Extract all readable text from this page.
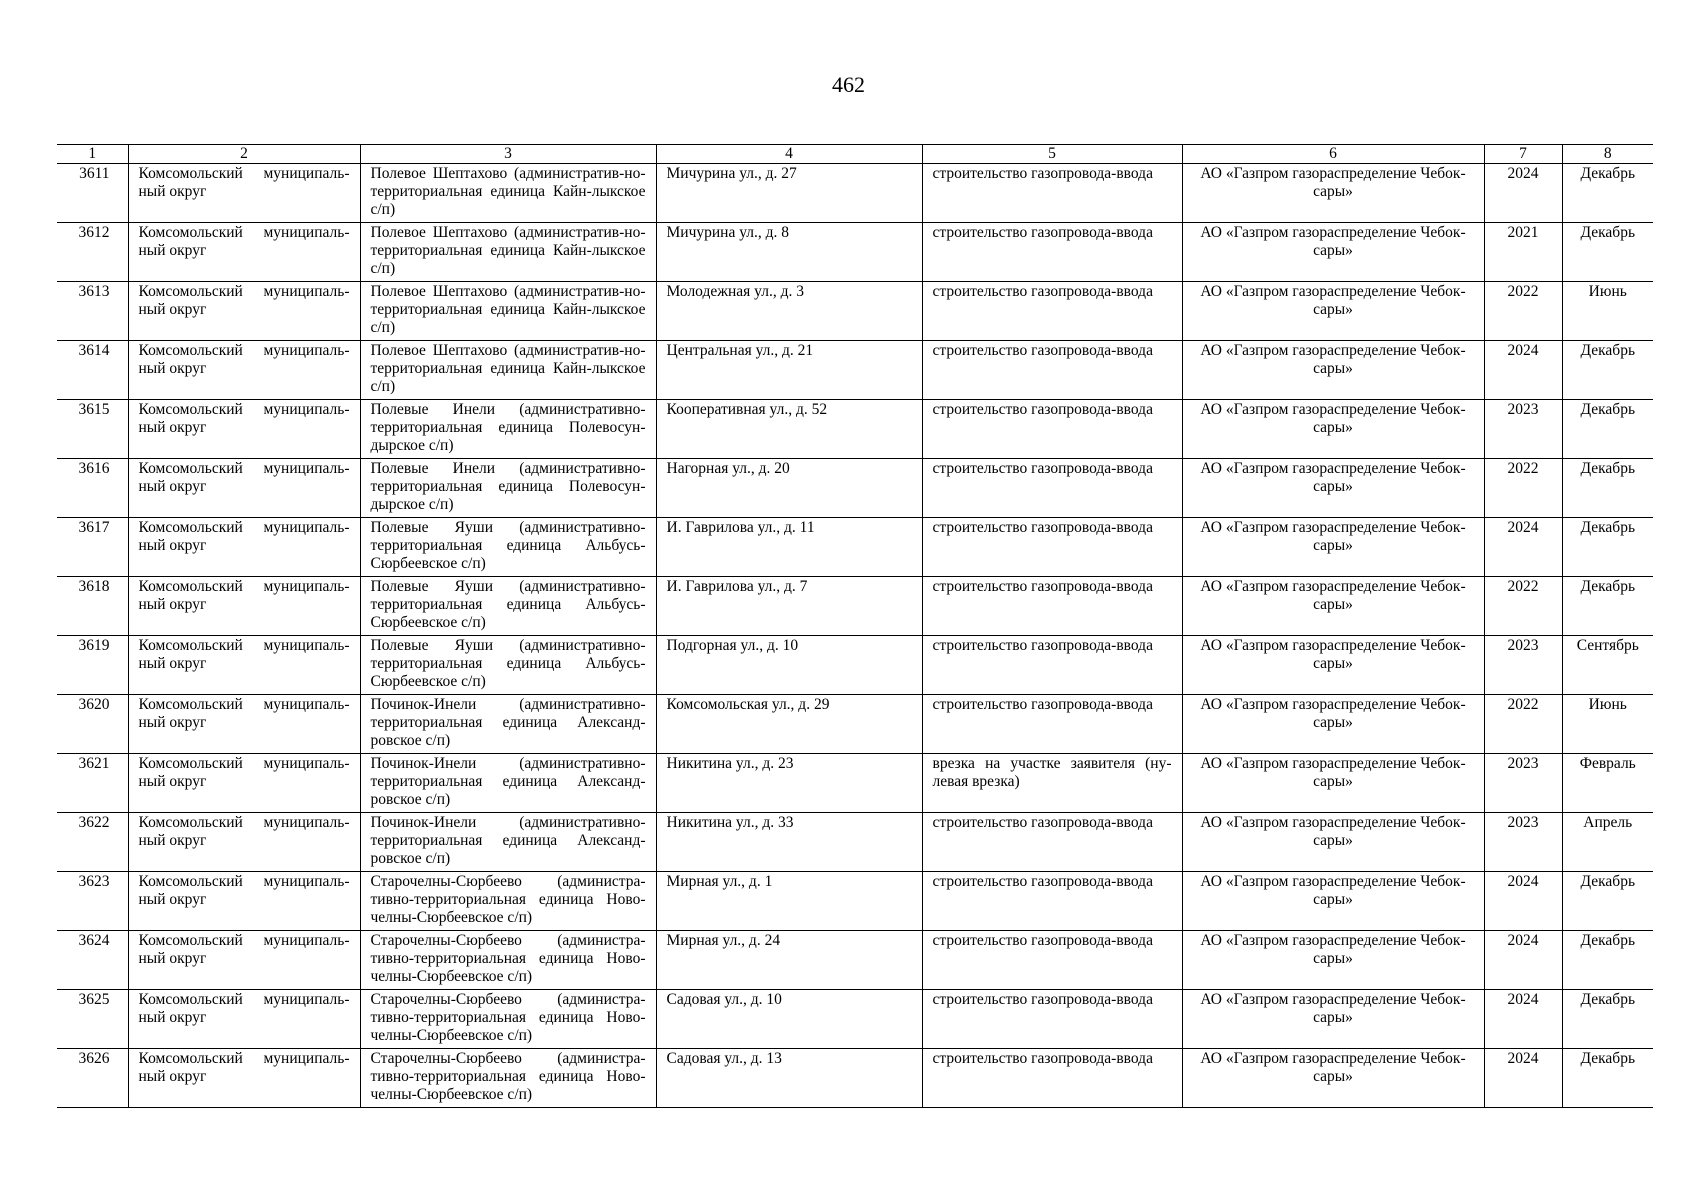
462
1	2	3	4	5	6	7	8
3611	Комсомольский муниципаль-ный округ	Полевое Шептахово (административ-но-территориальная единица Кайн-лыкское с/п)	Мичурина ул., д. 27	строительство газопровода-ввода	АО «Газпром газораспределение Чебок-сары»	2024	Декабрь
3612	Комсомольский муниципаль-ный округ	Полевое Шептахово (административ-но-территориальная единица Кайн-лыкское с/п)	Мичурина ул., д. 8	строительство газопровода-ввода	АО «Газпром газораспределение Чебок-сары»	2021	Декабрь
3613	Комсомольский муниципаль-ный округ	Полевое Шептахово (административ-но-территориальная единица Кайн-лыкское с/п)	Молодежная ул., д. 3	строительство газопровода-ввода	АО «Газпром газораспределение Чебок-сары»	2022	Июнь
3614	Комсомольский муниципаль-ный округ	Полевое Шептахово (административ-но-территориальная единица Кайн-лыкское с/п)	Центральная ул., д. 21	строительство газопровода-ввода	АО «Газпром газораспределение Чебок-сары»	2024	Декабрь
3615	Комсомольский муниципаль-ный округ	Полевые Инели (административно-территориальная единица Полевосун-дырское с/п)	Кооперативная ул., д. 52	строительство газопровода-ввода	АО «Газпром газораспределение Чебок-сары»	2023	Декабрь
3616	Комсомольский муниципаль-ный округ	Полевые Инели (административно-территориальная единица Полевосун-дырское с/п)	Нагорная ул., д. 20	строительство газопровода-ввода	АО «Газпром газораспределение Чебок-сары»	2022	Декабрь
3617	Комсомольский муниципаль-ный округ	Полевые Яуши (административно-территориальная единица Альбусь-Сюрбеевское с/п)	И. Гаврилова ул., д. 11	строительство газопровода-ввода	АО «Газпром газораспределение Чебок-сары»	2024	Декабрь
3618	Комсомольский муниципаль-ный округ	Полевые Яуши (административно-территориальная единица Альбусь-Сюрбеевское с/п)	И. Гаврилова ул., д. 7	строительство газопровода-ввода	АО «Газпром газораспределение Чебок-сары»	2022	Декабрь
3619	Комсомольский муниципаль-ный округ	Полевые Яуши (административно-территориальная единица Альбусь-Сюрбеевское с/п)	Подгорная ул., д. 10	строительство газопровода-ввода	АО «Газпром газораспределение Чебок-сары»	2023	Сентябрь
3620	Комсомольский муниципаль-ный округ	Починок-Инели (административно-территориальная единица Александ-ровское с/п)	Комсомольская ул., д. 29	строительство газопровода-ввода	АО «Газпром газораспределение Чебок-сары»	2022	Июнь
3621	Комсомольский муниципаль-ный округ	Починок-Инели (административно-территориальная единица Александ-ровское с/п)	Никитина ул., д. 23	врезка на участке заявителя (ну-левая врезка)	АО «Газпром газораспределение Чебок-сары»	2023	Февраль
3622	Комсомольский муниципаль-ный округ	Починок-Инели (административно-территориальная единица Александ-ровское с/п)	Никитина ул., д. 33	строительство газопровода-ввода	АО «Газпром газораспределение Чебок-сары»	2023	Апрель
3623	Комсомольский муниципаль-ный округ	Старочелны-Сюрбеево (администра-тивно-территориальная единица Ново-челны-Сюрбеевское с/п)	Мирная ул., д. 1	строительство газопровода-ввода	АО «Газпром газораспределение Чебок-сары»	2024	Декабрь
3624	Комсомольский муниципаль-ный округ	Старочелны-Сюрбеево (администра-тивно-территориальная единица Ново-челны-Сюрбеевское с/п)	Мирная ул., д. 24	строительство газопровода-ввода	АО «Газпром газораспределение Чебок-сары»	2024	Декабрь
3625	Комсомольский муниципаль-ный округ	Старочелны-Сюрбеево (администра-тивно-территориальная единица Ново-челны-Сюрбеевское с/п)	Садовая ул., д. 10	строительство газопровода-ввода	АО «Газпром газораспределение Чебок-сары»	2024	Декабрь
3626	Комсомольский муниципаль-ный округ	Старочелны-Сюрбеево (администра-тивно-территориальная единица Ново-челны-Сюрбеевское с/п)	Садовая ул., д. 13	строительство газопровода-ввода	АО «Газпром газораспределение Чебок-сары»	2024	Декабрь
